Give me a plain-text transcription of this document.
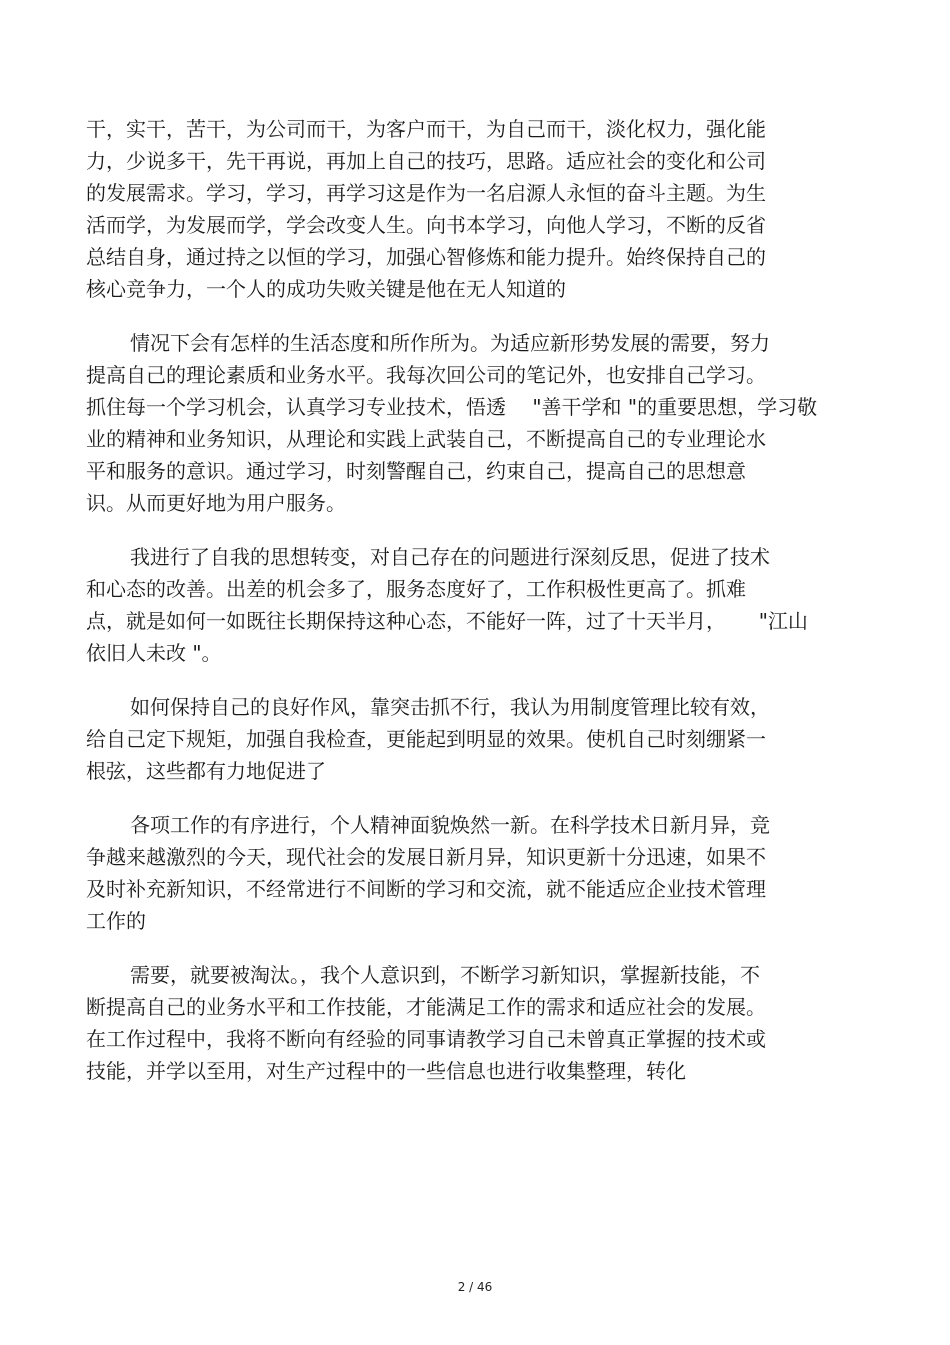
干，实干，苦干，为公司而干，为客户而干，为自己而干，淡化权力，强化能
力，少说多干，先干再说，再加上自己的技巧，思路。适应社会的变化和公司
的发展需求。学习，学习，再学习这是作为一名启源人永恒的奋斗主题。为生
活而学，为发展而学，学会改变人生。向书本学习，向他人学习，不断的反省
总结自身，通过持之以恒的学习，加强心智修炼和能力提升。始终保持自己的
核心竞争力，一个人的成功失败关键是他在无人知道的
情况下会有怎样的生活态度和所作所为。为适应新形势发展的需要，努力
提高自己的理论素质和业务水平。我每次回公司的笔记外，也安排自己学习。
抓住每一个学习机会，认真学习专业技术，悟透 　"善干学和 "的重要思想，学习敬
业的精神和业务知识，从理论和实践上武装自己，不断提高自己的专业理论水
平和服务的意识。通过学习，时刻警醒自己，约束自己，提高自己的思想意
识。从而更好地为用户服务。
我进行了自我的思想转变，对自己存在的问题进行深刻反思，促进了技术
和心态的改善。出差的机会多了，服务态度好了，工作积极性更高了。抓难
点，就是如何一如既往长期保持这种心态，不能好一阵，过了十天半月， 　 "江山
依旧人未改 "。
如何保持自己的良好作风，靠突击抓不行，我认为用制度管理比较有效，
给自己定下规矩，加强自我检查，更能起到明显的效果。使机自己时刻绷紧一
根弦，这些都有力地促进了
各项工作的有序进行，个人精神面貌焕然一新。在科学技术日新月异，竞
争越来越激烈的今天，现代社会的发展日新月异，知识更新十分迅速，如果不
及时补充新知识，不经常进行不间断的学习和交流，就不能适应企业技术管理
工作的
需要，就要被淘汰。，我个人意识到，不断学习新知识，掌握新技能，不
断提高自己的业务水平和工作技能，才能满足工作的需求和适应社会的发展。
在工作过程中，我将不断向有经验的同事请教学习自己未曾真正掌握的技术或
技能，并学以至用，对生产过程中的一些信息也进行收集整理，转化
2 / 46
